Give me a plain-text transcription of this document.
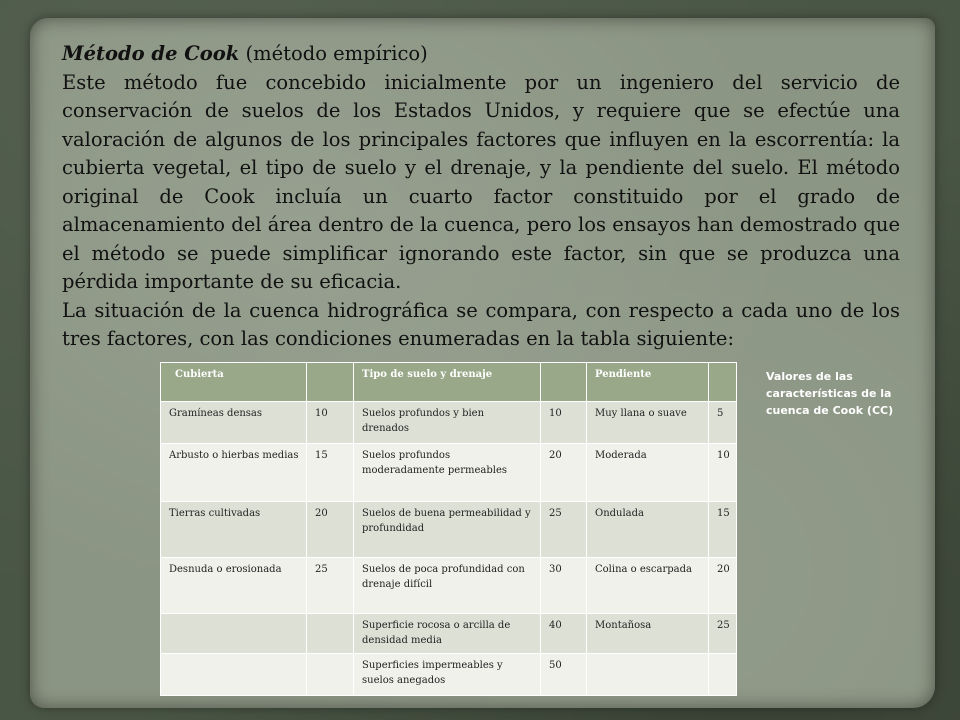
Método de Cook (método empírico)
Este método fue concebido inicialmente por un ingeniero del servicio de conservación de suelos de los Estados Unidos, y requiere que se efectúe una valoración de algunos de los principales factores que influyen en la escorrentía: la cubierta vegetal, el tipo de suelo y el drenaje, y la pendiente del suelo. El método original de Cook incluía un cuarto factor constituido por el grado de almacenamiento del área dentro de la cuenca, pero los ensayos han demostrado que el método se puede simplificar ignorando este factor, sin que se produzca una pérdida importante de su eficacia.

La situación de la cuenca hidrográfica se compara, con respecto a cada uno de los tres factores, con las condiciones enumeradas en la tabla siguiente:

Cubierta		Tipo de suelo y drenaje		Pendiente	
Gramíneas densas	10	Suelos profundos y bien drenados	10	Muy llana o suave	5
Arbusto o hierbas medias	15	Suelos profundos moderadamente permeables	20	Moderada	10
Tierras cultivadas	20	Suelos de buena permeabilidad y profundidad	25	Ondulada	15
Desnuda o erosionada	25	Suelos de poca profundidad con drenaje difícil	30	Colina o escarpada	20
		Superficie rocosa o arcilla de densidad media	40	Montañosa	25
		Superficies impermeables y suelos anegados	50		
Valores de las características de la cuenca de Cook (CC)
